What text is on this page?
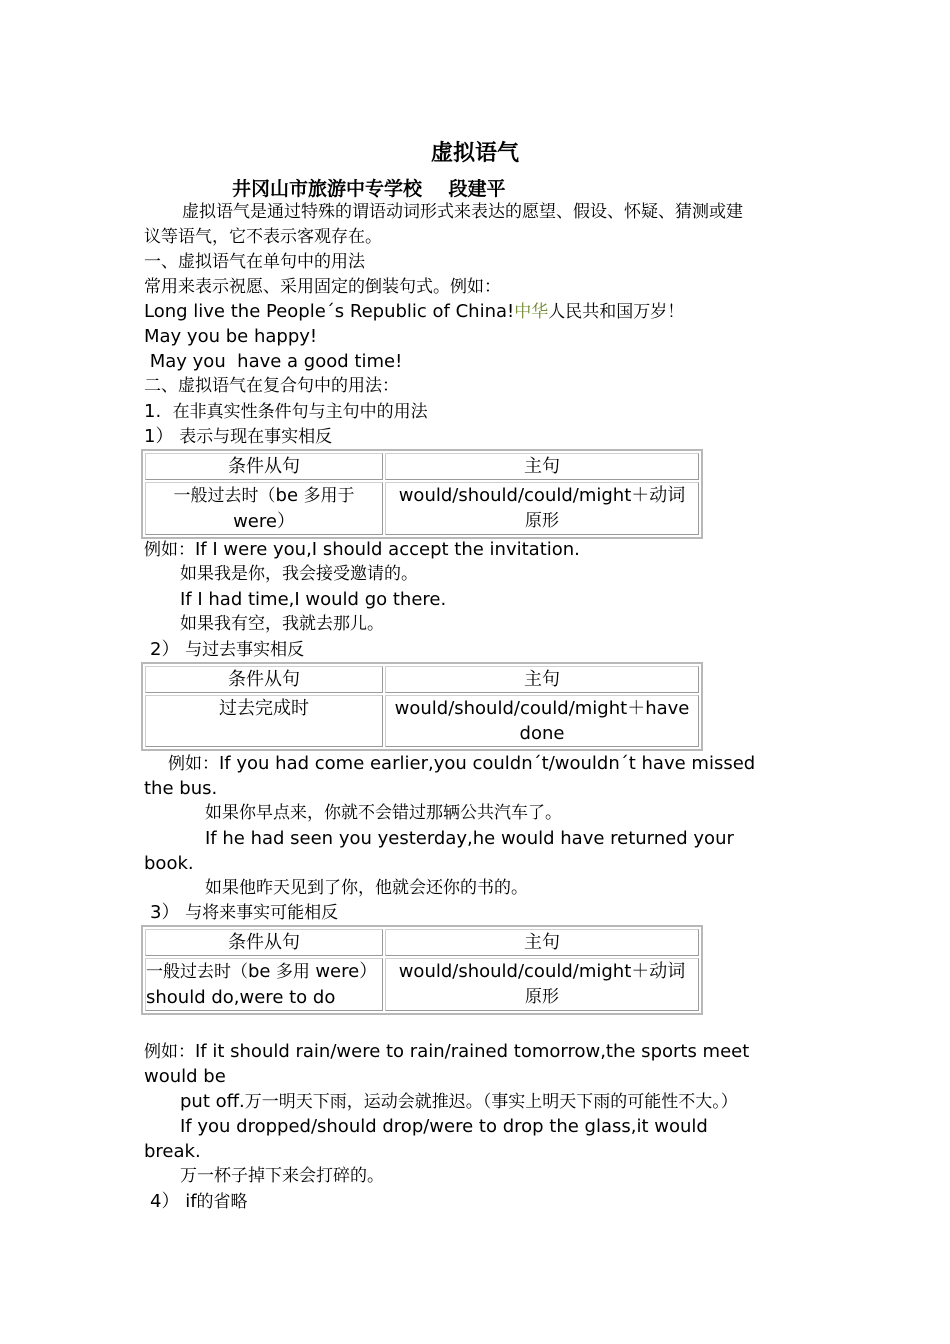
虚拟语气
井冈山市旅游中专学校    段建平
虚拟语气是通过特殊的谓语动词形式来表达的愿望、假设、怀疑、猜测或建
议等语气，它不表示客观存在。
一、虚拟语气在单句中的用法
常用来表示祝愿、采用固定的倒装句式。例如：
Long live the People´s Republic of China!中华人民共和国万岁！
May you be happy!
May you  have a good time!
二、虚拟语气在复合句中的用法：
1. 在非真实性条件句与主句中的用法
1） 表示与现在事实相反
条件从句	主句
一般过去时（be 多用于
were）	would/should/could/might＋动词
原形
例如：If I were you,I should accept the invitation.
如果我是你，我会接受邀请的。
If I had time,I would go there.
如果我有空，我就去那儿。
2） 与过去事实相反
条件从句	主句
过去完成时	would/should/could/might＋have
done
例如：If you had come earlier,you couldn´t/wouldn´t have missed
the bus.
如果你早点来，你就不会错过那辆公共汽车了。
If he had seen you yesterday,he would have returned your
book.
如果他昨天见到了你，他就会还你的书的。
3） 与将来事实可能相反
条件从句	主句
一般过去时（be 多用 were）
should do,were to do	would/should/could/might＋动词
原形
例如：If it should rain/were to rain/rained tomorrow,the sports meet
would be
put off.万一明天下雨，运动会就推迟。（事实上明天下雨的可能性不大。）
If you dropped/should drop/were to drop the glass,it would
break.
万一杯子掉下来会打碎的。
4） if的省略
